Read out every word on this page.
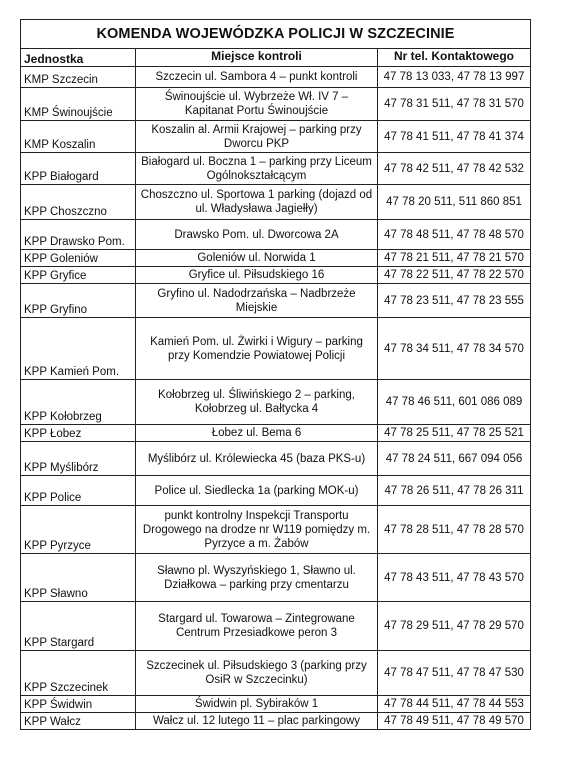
KOMENDA WOJEWÓDZKA POLICJI W SZCZECINIE		
Jednostka	Miejsce kontroli	Nr tel. Kontaktowego
KMP Szczecin	Szczecin ul. Sambora 4 – punkt kontroli	47 78 13 033, 47 78 13 997
KMP Świnoujście	Świnoujście ul. Wybrzeże Wł. IV 7 – Kapitanat Portu Świnoujście	47 78 31 511, 47 78 31 570
KMP Koszalin	Koszalin al. Armii Krajowej – parking przy Dworcu PKP	47 78 41 511, 47 78 41 374
KPP Białogard	Białogard ul. Boczna 1 – parking przy Liceum Ogólnokształcącym	47 78 42 511, 47 78 42 532
KPP Choszczno	Choszczno ul. Sportowa 1 parking (dojazd od ul. Władysława Jagiełły)	47 78 20 511, 511 860 851
KPP Drawsko Pom.	Drawsko Pom. ul. Dworcowa 2A	47 78 48 511, 47 78 48 570
KPP Goleniów	Goleniów ul. Norwida 1	47 78 21 511, 47 78 21 570
KPP Gryfice	Gryfice ul. Piłsudskiego 16	47 78 22 511, 47 78 22 570
KPP Gryfino	Gryfino ul. Nadodrzańska – Nadbrzeże Miejskie	47 78 23 511, 47 78 23 555
KPP Kamień Pom.	Kamień Pom. ul. Żwirki i Wigury – parking przy Komendzie Powiatowej Policji	47 78 34 511, 47 78 34 570
KPP Kołobrzeg	Kołobrzeg ul. Śliwińskiego 2 – parking, Kołobrzeg ul. Bałtycka 4	47 78 46 511, 601 086 089
KPP Łobez	Łobez ul. Bema 6	47 78 25 511, 47 78 25 521
KPP Myślibórz	Myślibórz ul. Królewiecka 45 (baza PKS-u)	47 78 24 511, 667 094 056
KPP Police	Police ul. Siedlecka 1a (parking MOK-u)	47 78 26 511, 47 78 26 311
KPP Pyrzyce	punkt kontrolny Inspekcji Transportu Drogowego na drodze nr W119 pomiędzy m. Pyrzyce a m. Żabów	47 78 28 511, 47 78 28 570
KPP Sławno	Sławno pl. Wyszyńskiego 1, Sławno ul. Działkowa – parking przy cmentarzu	47 78 43 511, 47 78 43 570
KPP Stargard	Stargard ul. Towarowa – Zintegrowane Centrum Przesiadkowe peron 3	47 78 29 511, 47 78 29 570
KPP Szczecinek	Szczecinek ul. Piłsudskiego 3 (parking przy OsiR w Szczecinku)	47 78 47 511, 47 78 47 530
KPP Świdwin	Świdwin pl. Sybiraków 1	47 78 44 511, 47 78 44 553
KPP Wałcz	Wałcz ul. 12 lutego 11 – plac parkingowy	47 78 49 511, 47 78 49 570
